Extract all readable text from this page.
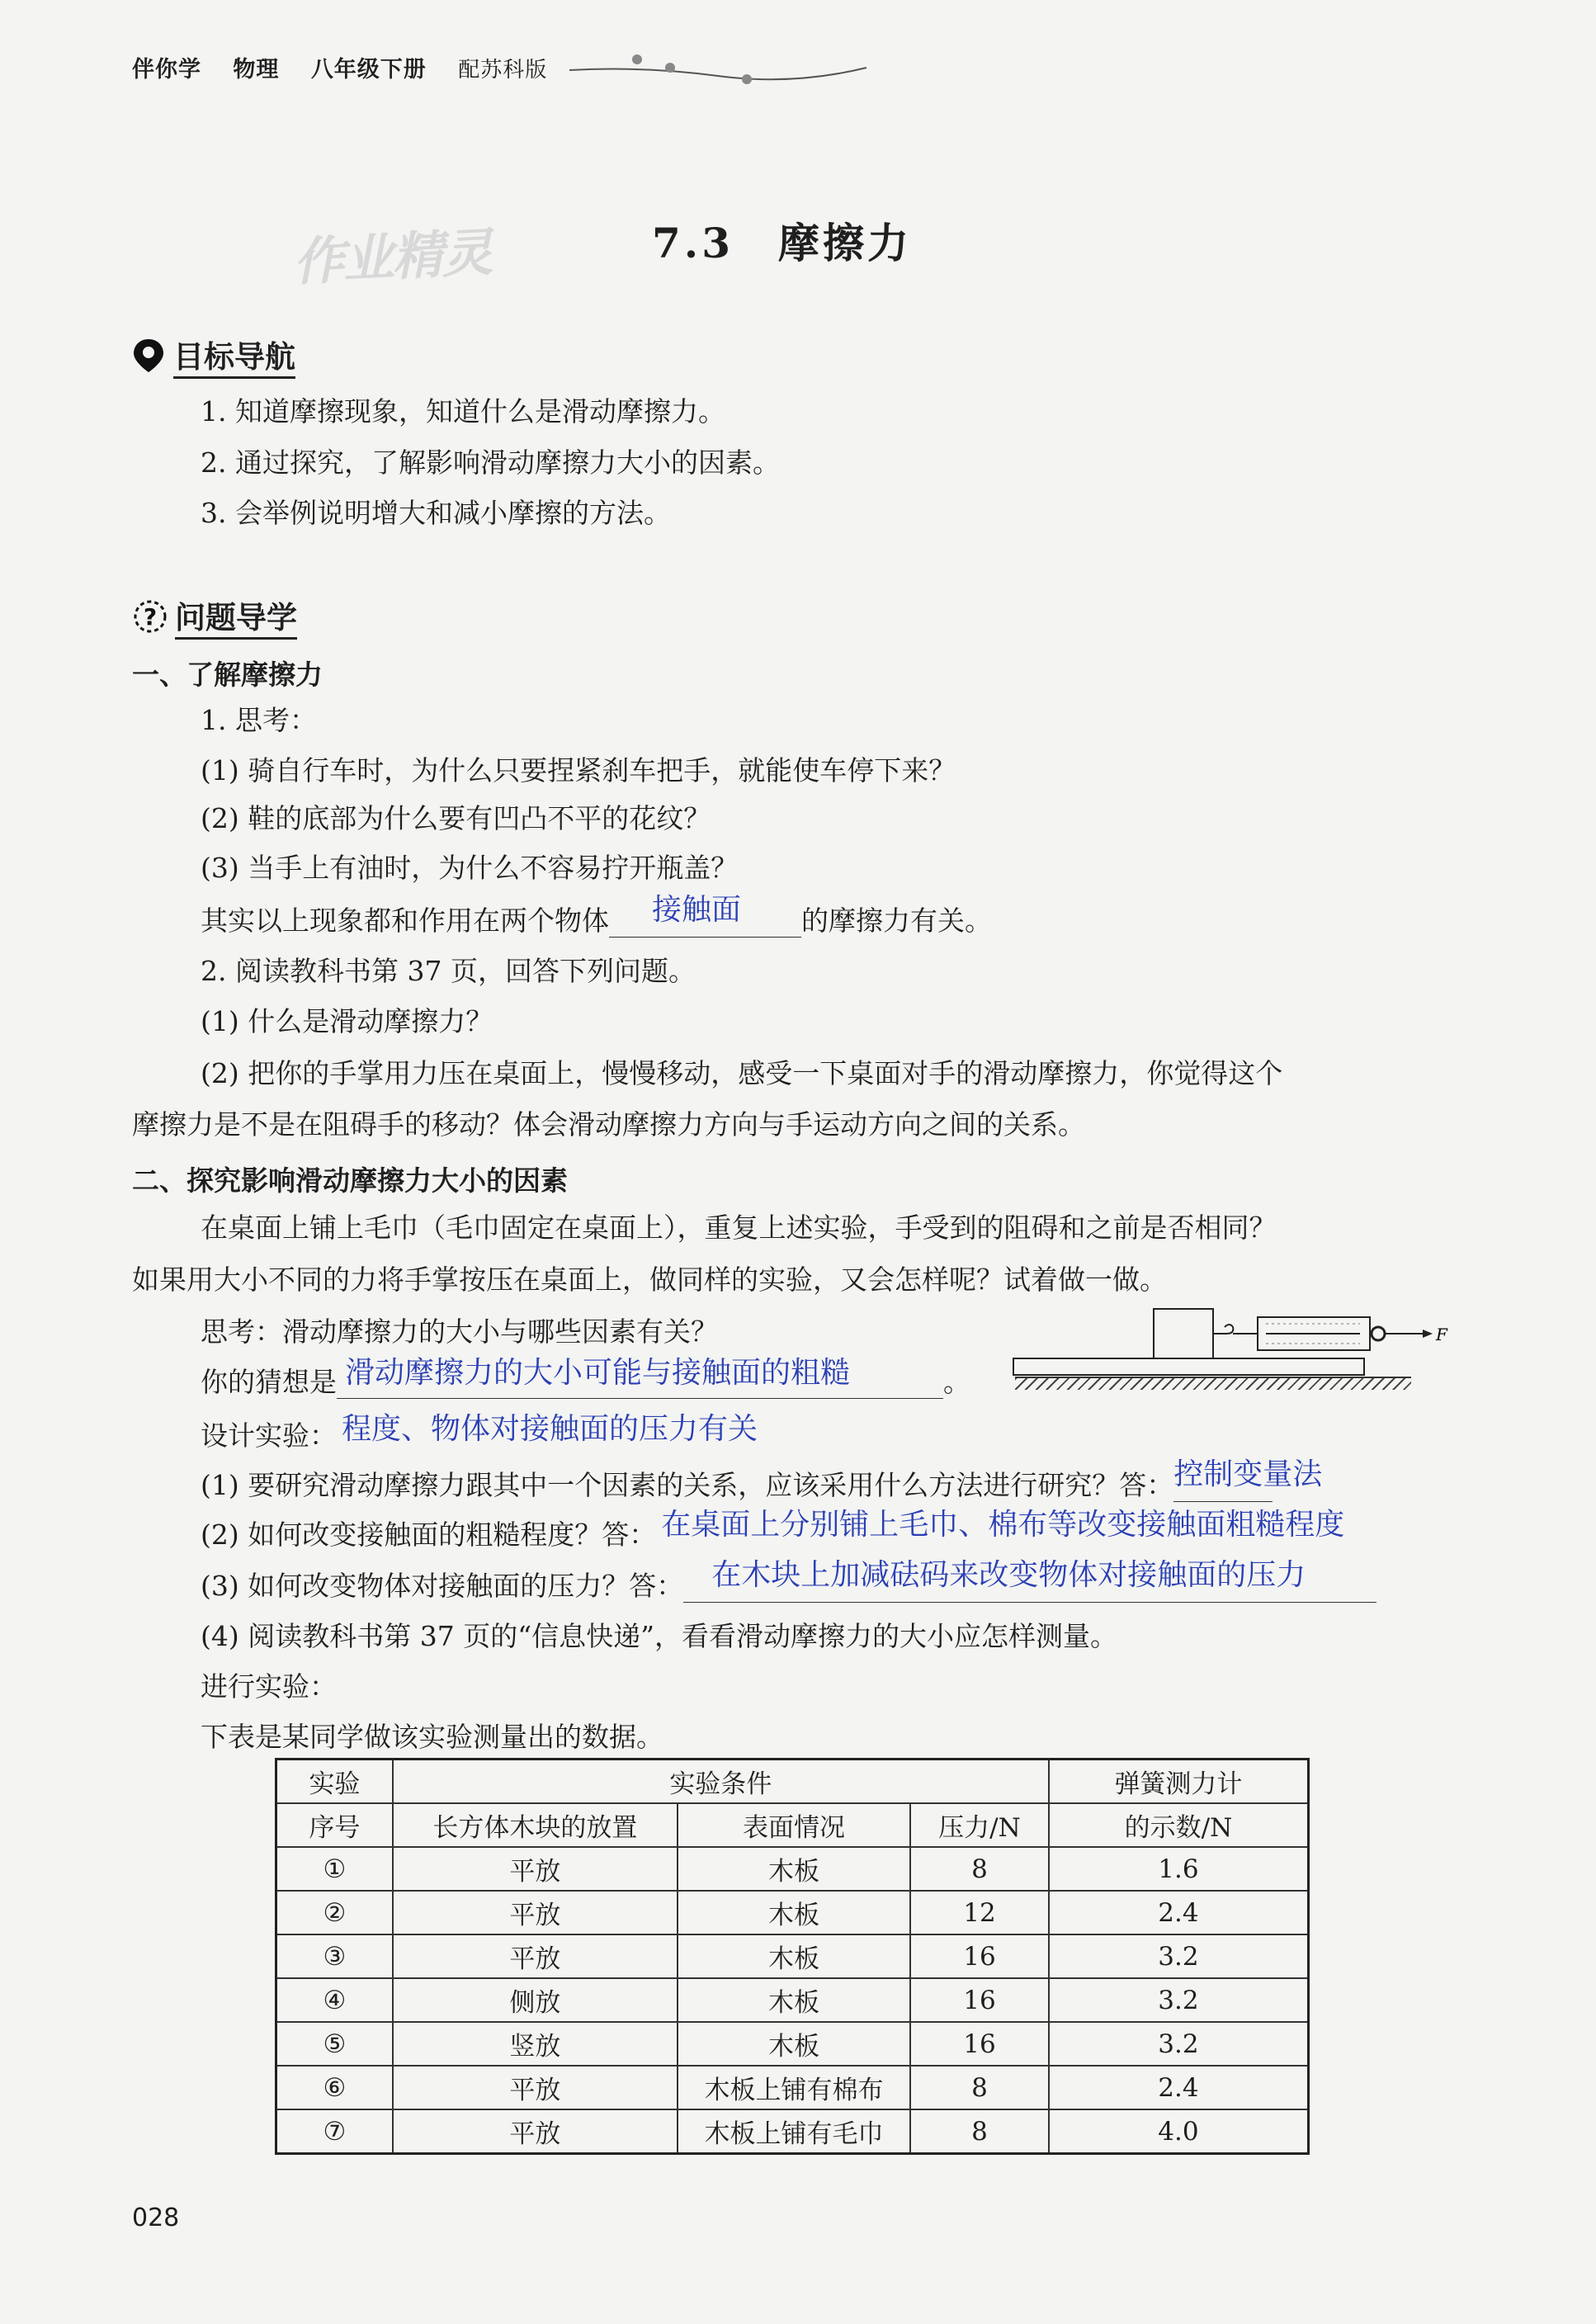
伴你学 物理 八年级下册 配苏科版
作业精灵	7.3　摩擦力
目标导航
1. 知道摩擦现象，知道什么是滑动摩擦力。
2. 通过探究，了解影响滑动摩擦力大小的因素。
3. 会举例说明增大和减小摩擦的方法。
? 问题导学
一、了解摩擦力
1. 思考：
(1) 骑自行车时，为什么只要捏紧刹车把手，就能使车停下来？
(2) 鞋的底部为什么要有凹凸不平的花纹？
(3) 当手上有油时，为什么不容易拧开瓶盖？
其实以上现象都和作用在两个物体 接触面 的摩擦力有关。
2. 阅读教科书第 37 页，回答下列问题。
(1) 什么是滑动摩擦力？
(2) 把你的手掌用力压在桌面上，慢慢移动，感受一下桌面对手的滑动摩擦力，你觉得这个
摩擦力是不是在阻碍手的移动？体会滑动摩擦力方向与手运动方向之间的关系。
二、探究影响滑动摩擦力大小的因素
在桌面上铺上毛巾（毛巾固定在桌面上），重复上述实验，手受到的阻碍和之前是否相同？
如果用大小不同的力将手掌按压在桌面上，做同样的实验，又会怎样呢？试着做一做。
思考：滑动摩擦力的大小与哪些因素有关？
你的猜想是 滑动摩擦力的大小可能与接触面的粗糙	。
设计实验： 程度、物体对接触面的压力有关
F
(1) 要研究滑动摩擦力跟其中一个因素的关系，应该采用什么方法进行研究？答： 控制变量法
(2) 如何改变接触面的粗糙程度？答： 在桌面上分别铺上毛巾、棉布等改变接触面粗糙程度
(3) 如何改变物体对接触面的压力？答： 在木块上加减砝码来改变物体对接触面的压力
(4) 阅读教科书第 37 页的“信息快递”，看看滑动摩擦力的大小应怎样测量。
进行实验：
下表是某同学做该实验测量出的数据。
实验	实验条件			弹簧测力计

序号	长方体木块的放置	表面情况	压力/N	的示数/N
①	平放	木板	8	1.6
②	平放	木板	12	2.4
③	平放	木板	16	3.2
④	侧放	木板	16	3.2
⑤	竖放	木板	16	3.2
⑥	平放	木板上铺有棉布	8	2.4
⑦	平放	木板上铺有毛巾	8	4.0
028
